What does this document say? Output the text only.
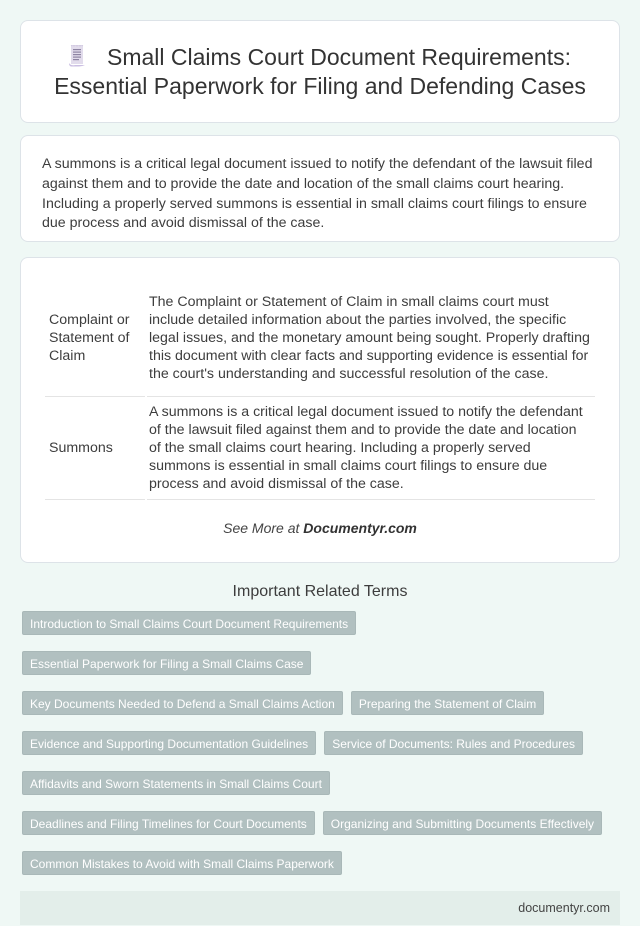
Small Claims Court Document Requirements: Essential Paperwork for Filing and Defending Cases

A summons is a critical legal document issued to notify the defendant of the lawsuit filed against them and to provide the date and location of the small claims court hearing. Including a properly served summons is essential in small claims court filings to ensure due process and avoid dismissal of the case.

Complaint or Statement of Claim	The Complaint or Statement of Claim in small claims court must include detailed information about the parties involved, the specific legal issues, and the monetary amount being sought. Properly drafting this document with clear facts and supporting evidence is essential for the court's understanding and successful resolution of the case.
Summons	A summons is a critical legal document issued to notify the defendant of the lawsuit filed against them and to provide the date and location of the small claims court hearing. Including a properly served summons is essential in small claims court filings to ensure due process and avoid dismissal of the case.
See More at Documentyr.com
Important Related Terms
Introduction to Small Claims Court Document Requirements
Essential Paperwork for Filing a Small Claims Case
Key Documents Needed to Defend a Small Claims Action	Preparing the Statement of Claim
Evidence and Supporting Documentation Guidelines	Service of Documents: Rules and Procedures
Affidavits and Sworn Statements in Small Claims Court
Deadlines and Filing Timelines for Court Documents	Organizing and Submitting Documents Effectively
Common Mistakes to Avoid with Small Claims Paperwork
documentyr.com
